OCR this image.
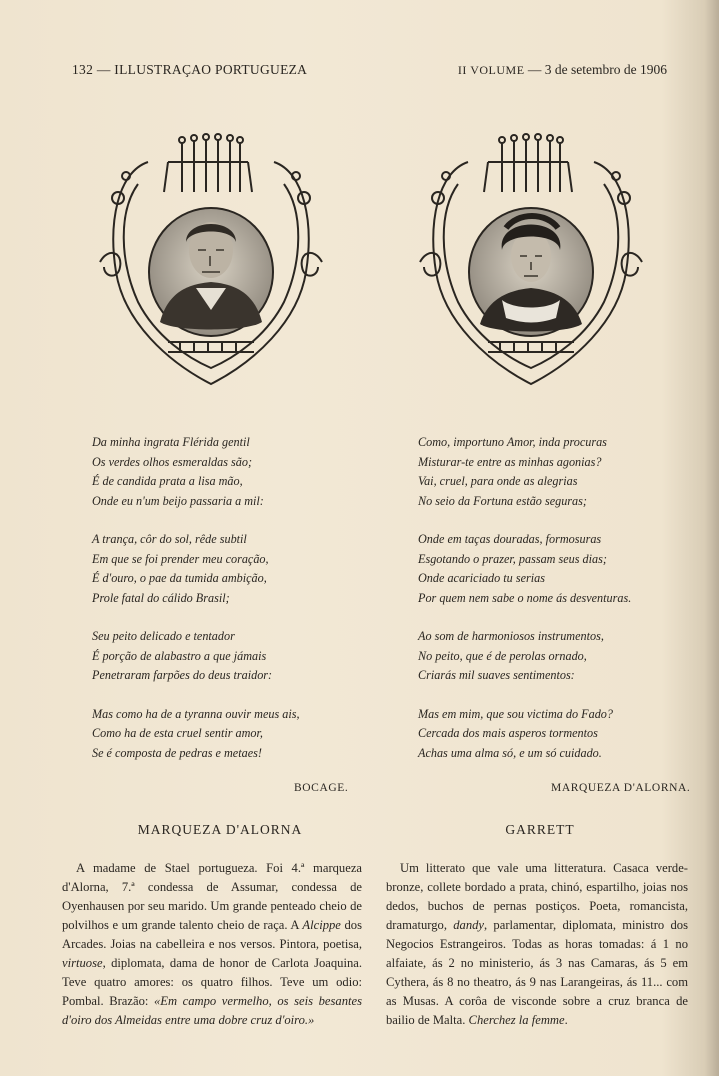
132 — ILLUSTRAÇAO PORTUGUEZA	II VOLUME — 3 de setembro de 1906
Da minha ingrata Flérida gentil
Os verdes olhos esmeraldas são;
É de candida prata a lisa mão,
Onde eu n'um beijo passaria a mil:
A trança, côr do sol, rêde subtil
Em que se foi prender meu coração,
É d'ouro, o pae da tumida ambição,
Prole fatal do cálido Brasil;
Seu peito delicado e tentador
É porção de alabastro a que jámais
Penetraram farpões do deus traidor:
Mas como ha de a tyranna ouvir meus ais,
Como ha de esta cruel sentir amor,
Se é composta de pedras e metaes!
BOCAGE.
Como, importuno Amor, inda procuras
Misturar-te entre as minhas agonias?
Vai, cruel, para onde as alegrias
No seio da Fortuna estão seguras;
Onde em taças douradas, formosuras
Esgotando o prazer, passam seus dias;
Onde acariciado tu serias
Por quem nem sabe o nome ás desventuras.
Ao som de harmoniosos instrumentos,
No peito, que é de perolas ornado,
Criarás mil suaves sentimentos:
Mas em mim, que sou victima do Fado?
Cercada dos mais asperos tormentos
Achas uma alma só, e um só cuidado.
MARQUEZA D'ALORNA.
MARQUEZA D'ALORNA	GARRETT
A madame de Stael portugueza. Foi 4.ª marqueza d'Alorna, 7.ª condessa de Assumar, condessa de Oyenhausen por seu marido. Um grande penteado cheio de polvilhos e um grande talento cheio de raça. A Alcippe dos Arcades. Joias na cabelleira e nos versos. Pintora, poetisa, virtuose, diplomata, dama de honor de Carlota Joaquina. Teve quatro amores: os quatro filhos. Teve um odio: Pombal. Brazão: «Em campo vermelho, os seis besantes d'oiro dos Almeidas entre uma dobre cruz d'oiro.»
Um litterato que vale uma litteratura. Casaca verde-bronze, collete bordado a prata, chinó, espartilho, joias nos dedos, buchos de pernas postiços. Poeta, romancista, dramaturgo, dandy, parlamentar, diplomata, ministro dos Negocios Estrangeiros. Todas as horas tomadas: á 1 no alfaiate, ás 2 no ministerio, ás 3 nas Camaras, ás 5 em Cythera, ás 8 no theatro, ás 9 nas Larangeiras, ás 11... com as Musas. A corôa de visconde sobre a cruz branca de bailio de Malta. Cherchez la femme.
